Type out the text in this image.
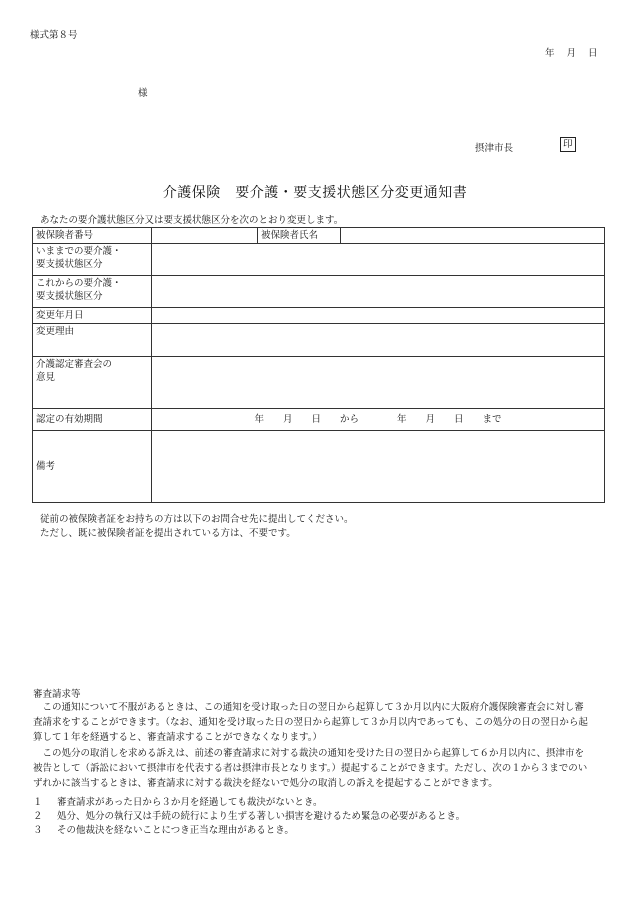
様式第８号
年 月 日
様
摂津市長	印
介護保険　要介護・要支援状態区分変更通知書
あなたの要介護状態区分又は要支援状態区分を次のとおり変更します。
被保険者番号		被保険者氏名	

いままでの要介護・
要支援状態区分			

これからの要介護・
要支援状態区分			

変更年月日			
変更理由			

介護認定審査会の
意見			

認定の有効期間	年　　月　　日　　から　　　　年　　月　　日　　まで		
備考			
従前の被保険者証をお持ちの方は以下のお問合せ先に提出してください。
ただし、既に被保険者証を提出されている方は、不要です。
審査請求等
この通知について不服があるときは、この通知を受け取った日の翌日から起算して３か月以内に大阪府介護保険審査会に対し審査請求をすることができます。（なお、通知を受け取った日の翌日から起算して３か月以内であっても、この処分の日の翌日から起算して１年を経過すると、審査請求することができなくなります。）
この処分の取消しを求める訴えは、前述の審査請求に対する裁決の通知を受けた日の翌日から起算して６か月以内に、摂津市を被告として（訴訟において摂津市を代表する者は摂津市長となります。）提起することができます。ただし、次の１から３までのいずれかに該当するときは、審査請求に対する裁決を経ないで処分の取消しの訴えを提起することができます。
１ 審査請求があった日から３か月を経過しても裁決がないとき。
２ 処分、処分の執行又は手続の続行により生ずる著しい損害を避けるため緊急の必要があるとき。
３ その他裁決を経ないことにつき正当な理由があるとき。
